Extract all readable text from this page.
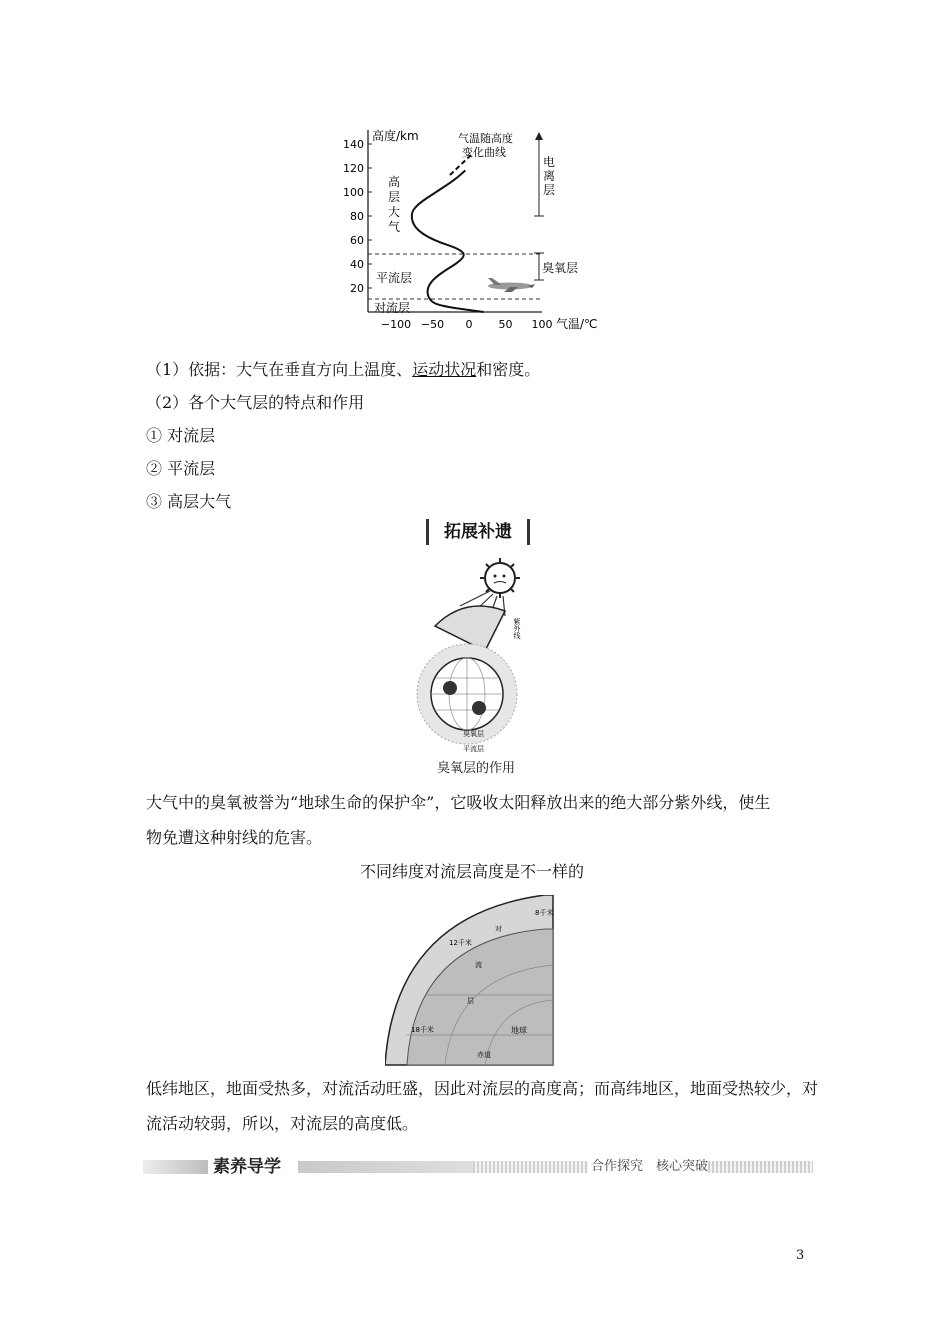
高度/km
气温/℃
140
120
100
80
60
40
20
−100 −50 0 50 100
气温随高度
变化曲线
高
层
大
气
平流层
对流层
电
离
层
臭氧层
（1）依据：大气在垂直方向上温度、运动状况和密度。
（2）各个大气层的特点和作用
① 对流层
② 平流层
③ 高层大气
拓展补遗
紫外线
臭氧层
平流层
臭氧层的作用
大气中的臭氧被誉为“地球生命的保护伞”，它吸收太阳释放出来的绝大部分紫外线，使生
物免遭这种射线的危害。
不同纬度对流层高度是不一样的
8千米
12千米
18千米	地球
赤道
对
流
层
低纬地区，地面受热多，对流活动旺盛，因此对流层的高度高；而高纬地区，地面受热较少，对
流活动较弱，所以，对流层的高度低。
素养导学	合作探究　核心突破
3
